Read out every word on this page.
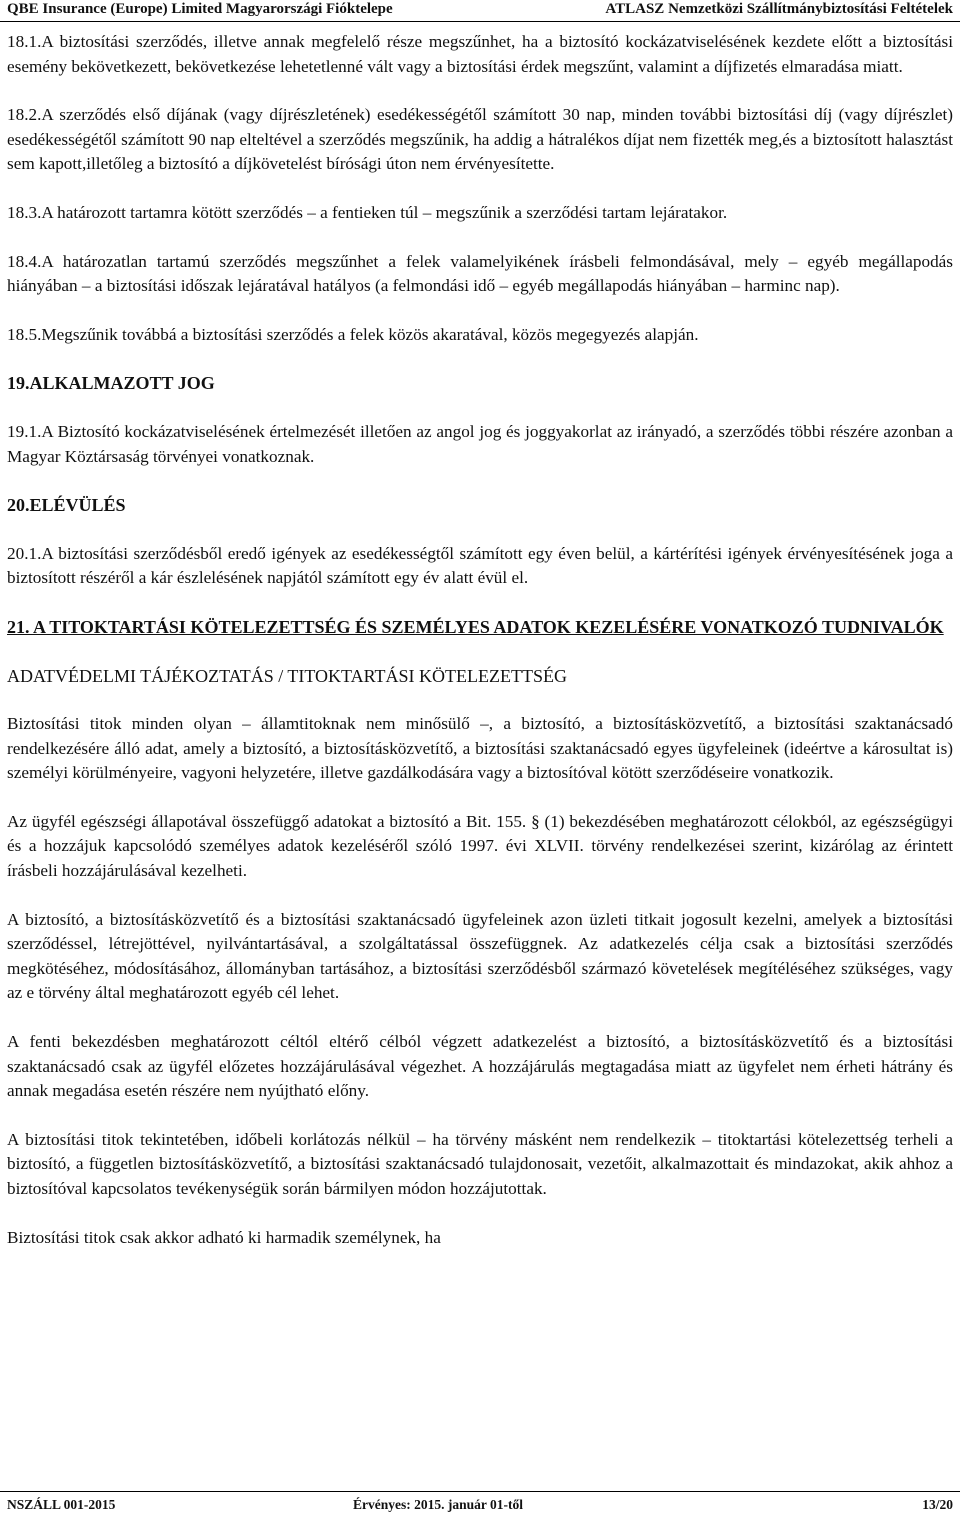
QBE Insurance (Europe) Limited Magyarországi Fióktelepe	ATLASZ Nemzetközi Szállítmánybiztosítási Feltételek

18.1.A biztosítási szerződés, illetve annak megfelelő része megszűnhet, ha a biztosító kockázatviselésének kezdete előtt a biztosítási esemény bekövetkezett, bekövetkezése lehetetlenné vált vagy a biztosítási érdek megszűnt, valamint a díjfizetés elmaradása miatt.

18.2.A szerződés első díjának (vagy díjrészletének) esedékességétől számított 30 nap, minden további biztosítási díj (vagy díjrészlet) esedékességétől számított 90 nap elteltével a szerződés megszűnik, ha addig a hátralékos díjat nem fizették meg,és a biztosított halasztást sem kapott,illetőleg a biztosító a díjkövetelést bírósági úton nem érvényesítette.

18.3.A határozott tartamra kötött szerződés – a fentieken túl – megszűnik a szerződési tartam lejáratakor.

18.4.A határozatlan tartamú szerződés megszűnhet a felek valamelyikének írásbeli felmondásával, mely – egyéb megállapodás hiányában – a biztosítási időszak lejáratával hatályos (a felmondási idő – egyéb megállapodás hiányában – harminc nap).

18.5.Megszűnik továbbá a biztosítási szerződés a felek közös akaratával, közös megegyezés alapján.

19.ALKALMAZOTT JOG

19.1.A Biztosító kockázatviselésének értelmezését illetően az angol jog és joggyakorlat az irányadó, a szerződés többi részére azonban a Magyar Köztársaság törvényei vonatkoznak.

20.ELÉVÜLÉS

20.1.A biztosítási szerződésből eredő igények az esedékességtől számított egy éven belül, a kártérítési igények érvényesítésének joga a biztosított részéről a kár észlelésének napjától számított egy év alatt évül el.

21. A TITOKTARTÁSI KÖTELEZETTSÉG ÉS SZEMÉLYES ADATOK KEZELÉSÉRE VONATKOZÓ TUDNIVALÓK

ADATVÉDELMI TÁJÉKOZTATÁS / TITOKTARTÁSI KÖTELEZETTSÉG

Biztosítási titok minden olyan – államtitoknak nem minősülő –, a biztosító, a biztosításközvetítő, a biztosítási szaktanácsadó rendelkezésére álló adat, amely a biztosító, a biztosításközvetítő, a biztosítási szaktanácsadó egyes ügyfeleinek (ideértve a károsultat is) személyi körülményeire, vagyoni helyzetére, illetve gazdálkodására vagy a biztosítóval kötött szerződéseire vonatkozik.

Az ügyfél egészségi állapotával összefüggő adatokat a biztosító a Bit. 155. § (1) bekezdésében meghatározott célokból, az egészségügyi és a hozzájuk kapcsolódó személyes adatok kezeléséről szóló 1997. évi XLVII. törvény rendelkezései szerint, kizárólag az érintett írásbeli hozzájárulásával kezelheti.

A biztosító, a biztosításközvetítő és a biztosítási szaktanácsadó ügyfeleinek azon üzleti titkait jogosult kezelni, amelyek a biztosítási szerződéssel, létrejöttével, nyilvántartásával, a szolgáltatással összefüggnek. Az adatkezelés célja csak a biztosítási szerződés megkötéséhez, módosításához, állományban tartásához, a biztosítási szerződésből származó követelések megítéléséhez szükséges, vagy az e törvény által meghatározott egyéb cél lehet.

A fenti bekezdésben meghatározott céltól eltérő célból végzett adatkezelést a biztosító, a biztosításközvetítő és a biztosítási szaktanácsadó csak az ügyfél előzetes hozzájárulásával végezhet. A hozzájárulás megtagadása miatt az ügyfelet nem érheti hátrány és annak megadása esetén részére nem nyújtható előny.

A biztosítási titok tekintetében, időbeli korlátozás nélkül – ha törvény másként nem rendelkezik – titoktartási kötelezettség terheli a biztosító, a független biztosításközvetítő, a biztosítási szaktanácsadó tulajdonosait, vezetőit, alkalmazottait és mindazokat, akik ahhoz a biztosítóval kapcsolatos tevékenységük során bármilyen módon hozzájutottak.

Biztosítási titok csak akkor adható ki harmadik személynek, ha

NSZÁLL 001-2015	Érvényes: 2015. január 01-től	13/20
